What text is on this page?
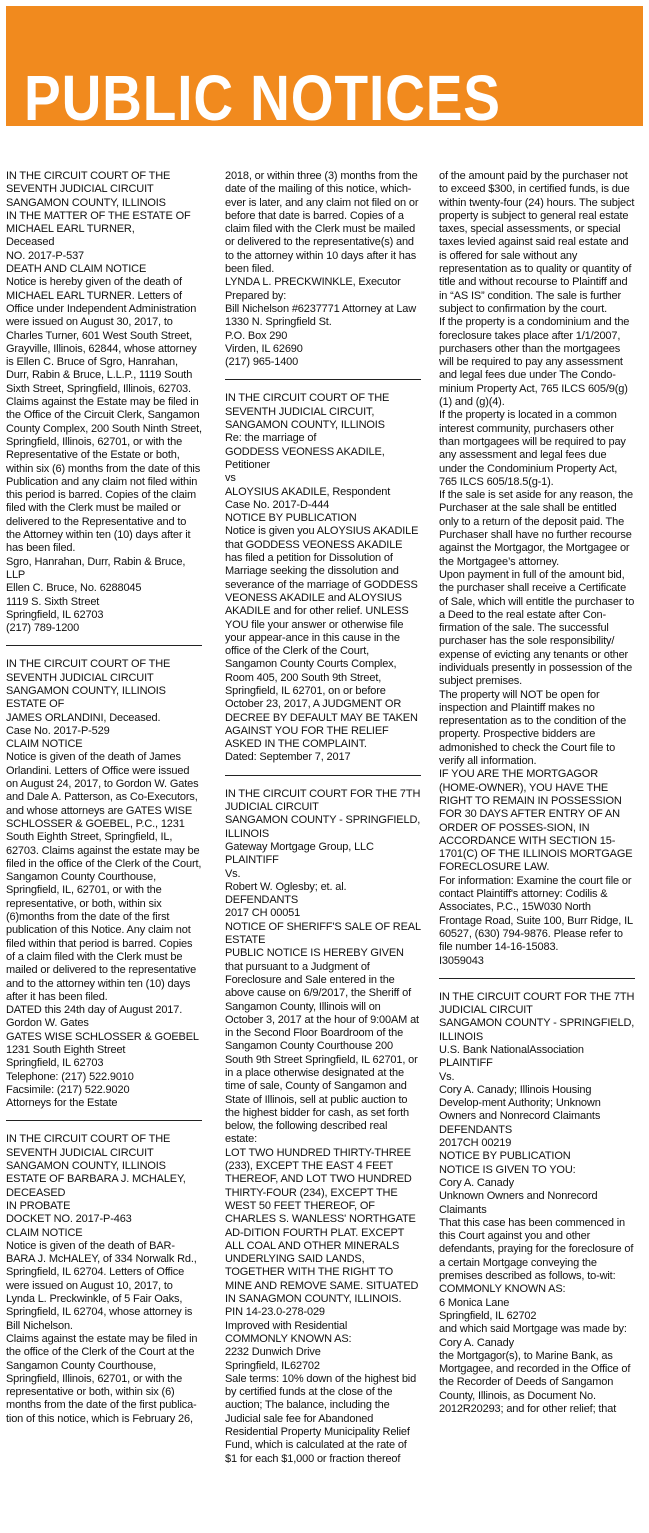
PUBLIC NOTICES

IN THE CIRCUIT COURT OF THE SEVENTH JUDICIAL CIRCUIT

SANGAMON COUNTY, ILLINOIS

IN THE MATTER OF THE ESTATE OF MICHAEL EARL TURNER,

Deceased

NO. 2017-P-537

DEATH AND CLAIM NOTICE

Notice is hereby given of the death of MICHAEL EARL TURNER. Letters of Office under Independent Administration were issued on August 30, 2017, to Charles Turner, 601 West South Street, Grayville, Illinois, 62844, whose attorney is Ellen C. Bruce of Sgro, Hanrahan, Durr, Rabin & Bruce, L.L.P., 1119 South Sixth Street, Springfield, Illinois, 62703. Claims against the Estate may be filed in the Office of the Circuit Clerk, Sangamon County Complex, 200 South Ninth Street, Springfield, Illinois, 62701, or with the Representative of the Estate or both, within six (6) months from the date of this Publication and any claim not filed within this period is barred. Copies of the claim filed with the Clerk must be mailed or delivered to the Representative and to the Attorney within ten (10) days after it has been filed.

Sgro, Hanrahan, Durr, Rabin & Bruce, LLP

Ellen C. Bruce, No. 6288045

1119 S. Sixth Street

Springfield, IL 62703

(217) 789-1200

IN THE CIRCUIT COURT OF THE SEVENTH JUDICIAL CIRCUIT

SANGAMON COUNTY, ILLINOIS

ESTATE OF

JAMES ORLANDINI, Deceased.

Case No. 2017-P-529

CLAIM NOTICE

Notice is given of the death of James Orlandini. Letters of Office were issued on August 24, 2017, to Gordon W. Gates and Dale A. Patterson, as Co-Executors, and whose attorneys are GATES WISE SCHLOSSER & GOEBEL, P.C., 1231 South Eighth Street, Springfield, IL, 62703. Claims against the estate may be filed in the office of the Clerk of the Court, Sangamon County Courthouse, Springfield, IL, 62701, or with the representative, or both, within six (6)months from the date of the first publication of this Notice. Any claim not filed within that period is barred. Copies of a claim filed with the Clerk must be mailed or delivered to the representative and to the attorney within ten (10) days after it has been filed.

DATED this 24th day of August 2017.

Gordon W. Gates

GATES WISE SCHLOSSER & GOEBEL

1231 South Eighth Street

Springfield, IL 62703

Telephone: (217) 522.9010

Facsimile: (217) 522.9020

Attorneys for the Estate

IN THE CIRCUIT COURT OF THE SEVENTH JUDICIAL CIRCUIT SANGAMON COUNTY, ILLINOIS

ESTATE OF BARBARA J. MCHALEY, DECEASED

IN PROBATE

DOCKET NO. 2017-P-463

CLAIM NOTICE

Notice is given of the death of BAR-BARA J. McHALEY, of 334 Norwalk Rd., Springfield, IL 62704. Letters of Office were issued on August 10, 2017, to Lynda L. Preckwinkle, of 5 Fair Oaks, Springfield, IL 62704, whose attorney is Bill Nichelson.

Claims against the estate may be filed in the office of the Clerk of the Court at the Sangamon County Courthouse, Springfield, Illinois, 62701, or with the representative or both, within six (6) months from the date of the first publica-tion of this notice, which is February 26,

2018, or within three (3) months from the date of the mailing of this notice, which-ever is later, and any claim not filed on or before that date is barred. Copies of a claim filed with the Clerk must be mailed or delivered to the representative(s) and to the attorney within 10 days after it has been filed.

LYNDA L. PRECKWINKLE, Executor

Prepared by:

Bill Nichelson #6237771 Attorney at Law

1330 N. Springfield St.

P.O. Box 290

Virden, IL 62690

(217) 965-1400

IN THE CIRCUIT COURT OF THE SEVENTH JUDICIAL CIRCUIT, SANGAMON COUNTY, ILLINOIS

Re: the marriage of

GODDESS VEONESS AKADILE, Petitioner

vs

ALOYSIUS AKADILE, Respondent

Case No. 2017-D-444

NOTICE BY PUBLICATION

Notice is given you ALOYSIUS AKADILE that GODDESS VEONESS AKADILE has filed a petition for Dissolution of Marriage seeking the dissolution and severance of the marriage of GODDESS VEONESS AKADILE and ALOYSIUS AKADILE and for other relief. UNLESS YOU file your answer or otherwise file your appear-ance in this cause in the office of the Clerk of the Court, Sangamon County Courts Complex, Room 405, 200 South 9th Street, Springfield, IL 62701, on or before October 23, 2017, A JUDGMENT OR DECREE BY DEFAULT MAY BE TAKEN AGAINST YOU FOR THE RELIEF ASKED IN THE COMPLAINT.

Dated: September 7, 2017

IN THE CIRCUIT COURT FOR THE 7TH JUDICIAL CIRCUIT

SANGAMON COUNTY - SPRINGFIELD, ILLINOIS

Gateway Mortgage Group, LLC

PLAINTIFF

Vs.

Robert W. Oglesby; et. al.

DEFENDANTS

2017 CH 00051

NOTICE OF SHERIFF'S SALE OF REAL ESTATE

PUBLIC NOTICE IS HEREBY GIVEN that pursuant to a Judgment of Foreclosure and Sale entered in the above cause on 6/9/2017, the Sheriff of Sangamon County, Illinois will on October 3, 2017 at the hour of 9:00AM at in the Second Floor Boardroom of the Sangamon County Courthouse 200 South 9th Street Springfield, IL 62701, or in a place otherwise designated at the time of sale, County of Sangamon and State of Illinois, sell at public auction to the highest bidder for cash, as set forth below, the following described real estate:

LOT TWO HUNDRED THIRTY-THREE (233), EXCEPT THE EAST 4 FEET THEREOF, AND LOT TWO HUNDRED THIRTY-FOUR (234), EXCEPT THE WEST 50 FEET THEREOF, OF CHARLES S. WANLESS' NORTHGATE AD-DITION FOURTH PLAT. EXCEPT ALL COAL AND OTHER MINERALS UNDERLYING SAID LANDS, TOGETHER WITH THE RIGHT TO MINE AND REMOVE SAME. SITUATED IN SANAGMON COUNTY, ILLINOIS.

PIN 14-23.0-278-029

Improved with Residential

COMMONLY KNOWN AS:

2232 Dunwich Drive

Springfield, IL62702

Sale terms: 10% down of the highest bid by certified funds at the close of the auction; The balance, including the Judicial sale fee for Abandoned Residential Property Municipality Relief Fund, which is calculated at the rate of $1 for each $1,000 or fraction thereof

of the amount paid by the purchaser not to exceed $300, in certified funds, is due within twenty-four (24) hours. The subject property is subject to general real estate taxes, special assessments, or special taxes levied against said real estate and is offered for sale without any representation as to quality or quantity of title and without recourse to Plaintiff and in “AS IS” condition. The sale is further subject to confirmation by the court.

If the property is a condominium and the foreclosure takes place after 1/1/2007, purchasers other than the mortgagees will be required to pay any assessment and legal fees due under The Condo-minium Property Act, 765 ILCS 605/9(g) (1) and (g)(4).

If the property is located in a common interest community, purchasers other than mortgagees will be required to pay any assessment and legal fees due under the Condominium Property Act, 765 ILCS 605/18.5(g-1).

If the sale is set aside for any reason, the Purchaser at the sale shall be entitled only to a return of the deposit paid. The Purchaser shall have no further recourse against the Mortgagor, the Mortgagee or the Mortgagee’s attorney.

Upon payment in full of the amount bid, the purchaser shall receive a Certificate of Sale, which will entitle the purchaser to a Deed to the real estate after Con-firmation of the sale. The successful purchaser has the sole responsibility/ expense of evicting any tenants or other individuals presently in possession of the subject premises.

The property will NOT be open for inspection and Plaintiff makes no representation as to the condition of the property. Prospective bidders are admonished to check the Court file to verify all information.

IF YOU ARE THE MORTGAGOR (HOME-OWNER), YOU HAVE THE RIGHT TO REMAIN IN POSSESSION FOR 30 DAYS AFTER ENTRY OF AN ORDER OF POSSES-SION, IN ACCORDANCE WITH SECTION 15-1701(C) OF THE ILLINOIS MORTGAGE FORECLOSURE LAW.

For information: Examine the court file or contact Plaintiff's attorney: Codilis & Associates, P.C., 15W030 North Frontage Road, Suite 100, Burr Ridge, IL 60527, (630) 794-9876. Please refer to file number 14-16-15083.

I3059043

IN THE CIRCUIT COURT FOR THE 7TH JUDICIAL CIRCUIT

SANGAMON COUNTY - SPRINGFIELD, ILLINOIS

U.S. Bank NationalAssociation

PLAINTIFF

Vs.

Cory A. Canady; Illinois Housing Develop-ment Authority; Unknown Owners and Nonrecord Claimants

DEFENDANTS

2017CH 00219

NOTICE BY PUBLICATION

NOTICE IS GIVEN TO YOU:

Cory A. Canady

Unknown Owners and Nonrecord Claimants

That this case has been commenced in this Court against you and other defendants, praying for the foreclosure of a certain Mortgage conveying the premises described as follows, to-wit:

COMMONLY KNOWN AS:

6 Monica Lane

Springfield, IL 62702

and which said Mortgage was made by:

Cory A. Canady

the Mortgagor(s), to Marine Bank, as Mortgagee, and recorded in the Office of the Recorder of Deeds of Sangamon County, Illinois, as Document No. 2012R20293; and for other relief; that
